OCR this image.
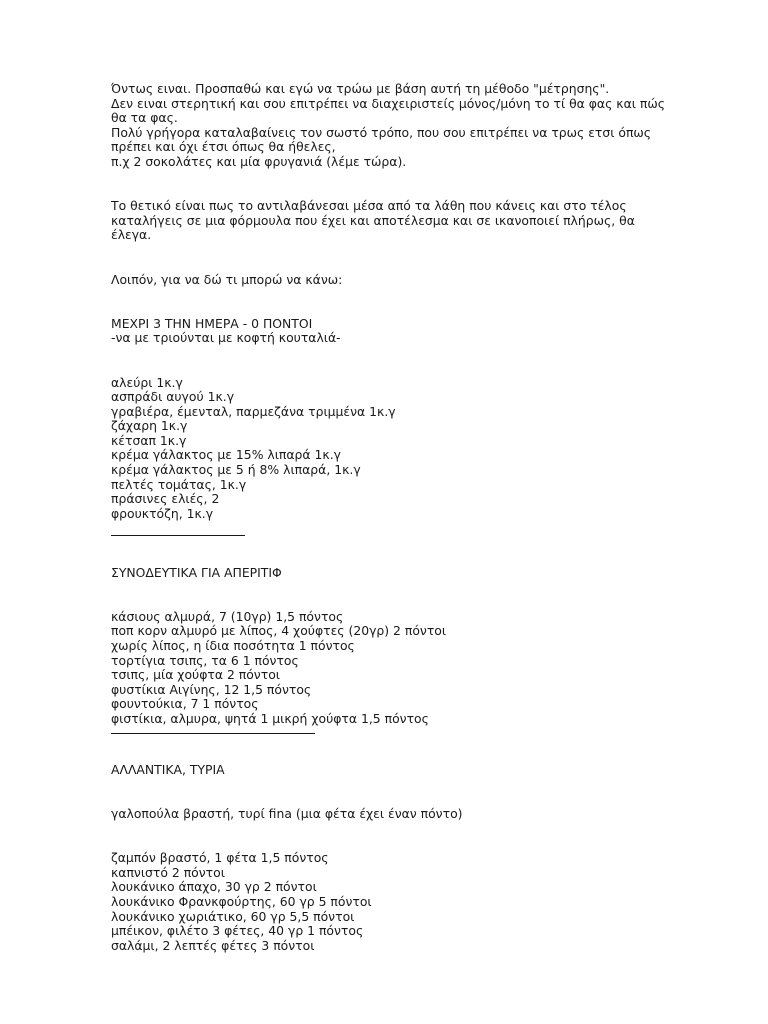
Όντως ειναι. Προσπαθώ και εγώ να τρώω με βάση αυτή τη μέθοδο "μέτρησης".
Δεν ειναι στερητική και σου επιτρέπει να διαχειριστείς μόνος/μόνη το τί θα φας και πώς
θα τα φας.
Πολύ γρήγορα καταλαβαίνεις τον σωστό τρόπο, που σου επιτρέπει να τρως ετσι όπως
πρέπει και όχι έτσι όπως θα ήθελες,
π.χ 2 σοκολάτες και μία φρυγανιά (λέμε τώρα).
Το θετικό είναι πως το αντιλαβάνεσαι μέσα από τα λάθη που κάνεις και στο τέλος
καταλήγεις σε μια φόρμουλα που έχει και αποτέλεσμα και σε ικανοποιεί πλήρως, θα
έλεγα.
Λοιπόν, για να δώ τι μπορώ να κάνω:
ΜΕΧΡΙ 3 ΤΗΝ ΗΜΕΡΑ - 0 ΠΟΝΤΟΙ
-να με τριούνται με κοφτή κουταλιά-
αλεύρι 1κ.γ
ασπράδι αυγού 1κ.γ
γραβιέρα, έμενταλ, παρμεζάνα τριμμένα 1κ.γ
ζάχαρη 1κ.γ
κέτσαπ 1κ.γ
κρέμα γάλακτος με 15% λιπαρά 1κ.γ
κρέμα γάλακτος με 5 ή 8% λιπαρά, 1κ.γ
πελτές τομάτας, 1κ.γ
πράσινες ελιές, 2
φρουκτόζη, 1κ.γ
ΣΥΝΟΔΕΥΤΙΚΑ ΓΙΑ ΑΠΕΡΙΤΙΦ
κάσιους αλμυρά, 7 (10γρ) 1,5 πόντος
ποπ κορν αλμυρό με λίπος, 4 χούφτες (20γρ) 2 πόντοι
χωρίς λίπος, η ίδια ποσότητα 1 πόντος
τορτίγια τσιπς, τα 6 1 πόντος
τσιπς, μία χούφτα 2 πόντοι
φυστίκια Αιγίνης, 12 1,5 πόντος
φουντούκια, 7 1 πόντος
φιστίκια, αλμυρα, ψητά 1 μικρή χούφτα 1,5 πόντος
ΑΛΛΑΝΤΙΚΑ, ΤΥΡΙΑ
γαλοπούλα βραστή, τυρί fina (μια φέτα έχει έναν πόντο)
ζαμπόν βραστό, 1 φέτα 1,5 πόντος
καπνιστό 2 πόντοι
λουκάνικο άπαχο, 30 γρ 2 πόντοι
λουκάνικο Φρανκφούρτης, 60 γρ 5 πόντοι
λουκάνικο χωριάτικο, 60 γρ 5,5 πόντοι
μπέικον, φιλέτο 3 φέτες, 40 γρ 1 πόντος
σαλάμι, 2 λεπτές φέτες 3 πόντοι
